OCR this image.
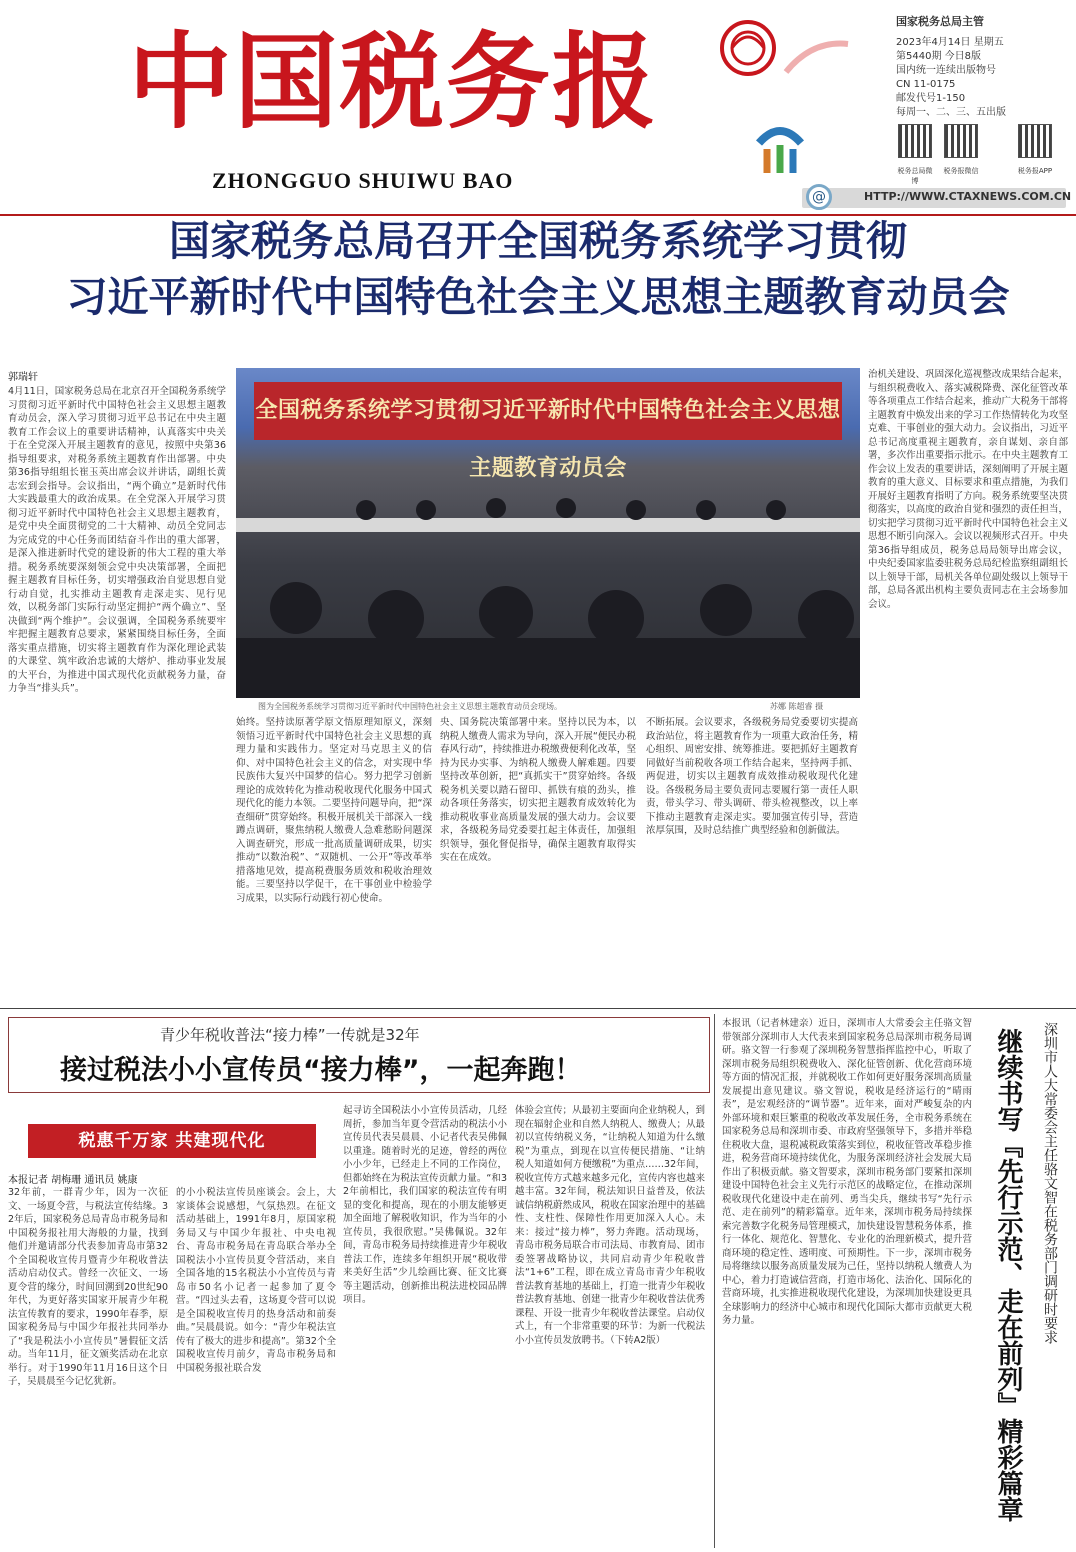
中国税务报
ZHONGGUO SHUIWU BAO
国家税务总局主管
2023年4月14日 星期五
第5440期 今日8版
国内统一连续出版物号
CN 11-0175
邮发代号1-150
每周一、二、三、五出版
税务总局微博
税务报微信	税务报APP
@	HTTP://WWW.CTAXNEWS.COM.CN
国家税务总局召开全国税务系统学习贯彻
习近平新时代中国特色社会主义思想主题教育动员会
郭瑞轩
4月11日，国家税务总局在北京召开全国税务系统学习贯彻习近平新时代中国特色社会主义思想主题教育动员会，深入学习贯彻习近平总书记在中央主题教育工作会议上的重要讲话精神，认真落实中央关于在全党深入开展主题教育的意见，按照中央第36指导组要求，对税务系统主题教育作出部署。中央第36指导组组长崔玉英出席会议并讲话，副组长黄志宏到会指导。会议指出，“两个确立”是新时代伟大实践最重大的政治成果。在全党深入开展学习贯彻习近平新时代中国特色社会主义思想主题教育，是党中央全面贯彻党的二十大精神、动员全党同志为完成党的中心任务而团结奋斗作出的重大部署，是深入推进新时代党的建设新的伟大工程的重大举措。税务系统要深刻领会党中央决策部署，全面把握主题教育目标任务，切实增强政治自觉思想自觉行动自觉，扎实推动主题教育走深走实、见行见效，以税务部门实际行动坚定拥护“两个确立”、坚决做到“两个维护”。会议强调，全国税务系统要牢牢把握主题教育总要求，紧紧围绕目标任务，全面落实重点措施，切实将主题教育作为深化理论武装的大课堂、筑牢政治忠诚的大熔炉、推动事业发展的大平台，为推进中国式现代化贡献税务力量，奋力争当“排头兵”。
全国税务系统学习贯彻习近平新时代中国特色社会主义思想主题教育动员会
图为全国税务系统学习贯彻习近平新时代中国特色社会主义思想主题教育动员会现场。	苏娜 陈超睿 摄
始终。坚持读原著学原文悟原理知原义，深刻领悟习近平新时代中国特色社会主义思想的真理力量和实践伟力。坚定对马克思主义的信仰、对中国特色社会主义的信念，对实现中华民族伟大复兴中国梦的信心。努力把学习创新理论的成效转化为推动税收现代化服务中国式现代化的能力本领。二要坚持问题导向，把“深查细研”贯穿始终。积极开展机关干部深入一线蹲点调研，聚焦纳税人缴费人急难愁盼问题深入调查研究，形成一批高质量调研成果，切实推动“以数治税”、“双随机、一公开”等改革举措落地见效，提高税费服务质效和税收治理效能。三要坚持以学促干，在干事创业中检验学习成果，以实际行动践行初心使命。
央、国务院决策部署中来。坚持以民为本，以纳税人缴费人需求为导向，深入开展“便民办税春风行动”，持续推进办税缴费便利化改革，坚持为民办实事、为纳税人缴费人解难题。四要坚持改革创新，把“真抓实干”贯穿始终。各级税务机关要以踏石留印、抓铁有痕的劲头，推动各项任务落实，切实把主题教育成效转化为推动税收事业高质量发展的强大动力。会议要求，各级税务局党委要扛起主体责任，加强组织领导，强化督促指导，确保主题教育取得实实在在成效。
不断拓展。会议要求，各级税务局党委要切实提高政治站位，将主题教育作为一项重大政治任务，精心组织、周密安排、统筹推进。要把抓好主题教育同做好当前税收各项工作结合起来，坚持两手抓、两促进，切实以主题教育成效推动税收现代化建设。各级税务局主要负责同志要履行第一责任人职责，带头学习、带头调研、带头检视整改，以上率下推动主题教育走深走实。要加强宣传引导，营造浓厚氛围，及时总结推广典型经验和创新做法。
治机关建设、巩固深化巡视整改成果结合起来，与组织税费收入、落实减税降费、深化征管改革等各项重点工作结合起来，推动广大税务干部将主题教育中焕发出来的学习工作热情转化为攻坚克难、干事创业的强大动力。会议指出，习近平总书记高度重视主题教育，亲自谋划、亲自部署，多次作出重要指示批示。在中央主题教育工作会议上发表的重要讲话，深刻阐明了开展主题教育的重大意义、目标要求和重点措施，为我们开展好主题教育指明了方向。税务系统要坚决贯彻落实，以高度的政治自觉和强烈的责任担当，切实把学习贯彻习近平新时代中国特色社会主义思想不断引向深入。会议以视频形式召开。中央第36指导组成员，税务总局局领导出席会议，中央纪委国家监委驻税务总局纪检监察组副组长以上领导干部，局机关各单位副处级以上领导干部，总局各派出机构主要负责同志在主会场参加会议。
青少年税收普法“接力棒”一传就是32年
接过税法小小宣传员“接力棒”，一起奔跑！
税惠千万家 共建现代化
本报记者 胡梅珊 通讯员 姚康
32年前，一群青少年，因为一次征文、一场夏令营，与税法宣传结缘。32年后，国家税务总局青岛市税务局和中国税务报社用大海般的力量，找到他们并邀请部分代表参加青岛市第32个全国税收宣传月暨青少年税收普法活动启动仪式。曾经一次征文、一场夏令营的缘分，时间回溯到20世纪90年代，为更好落实国家开展青少年税法宣传教育的要求，1990年春季，原国家税务局与中国少年报社共同举办了“我是税法小小宣传员”暑假征文活动。当年11月，征文颁奖活动在北京举行。对于1990年11月16日这个日子，吴晨晨至今记忆犹新。
的小小税法宣传员座谈会。会上，大家谈体会说感想，气氛热烈。在征文活动基础上，1991年8月，原国家税务局又与中国少年报社、中央电视台、青岛市税务局在青岛联合举办全国税法小小宣传员夏令营活动，来自全国各地的15名税法小小宣传员与青岛市50名小记者一起参加了夏令营。“四过头去看，这场夏令营可以说是全国税收宣传月的热身活动和前奏曲。”吴晨晨说。如今：“青少年税法宣传有了极大的进步和提高”。第32个全国税收宣传月前夕，青岛市税务局和中国税务报社联合发
起寻访全国税法小小宣传员活动，几经周折，参加当年夏令营活动的税法小小宣传员代表吴晨晨、小记者代表吴佛佩以重逢。随着时光的足迹，曾经的两位小小少年，已经走上不同的工作岗位，但都始终在为税法宣传贡献力量。“和32年前相比，我们国家的税法宣传有明显的变化和提高，现在的小朋友能够更加全面地了解税收知识，作为当年的小宣传员，我很欣慰。”吴佛佩说。32年间，青岛市税务局持续推进青少年税收普法工作，连续多年组织开展“税收带来美好生活”少儿绘画比赛、征文比赛等主题活动，创新推出税法进校园品牌项目。
体验会宣传；从最初主要面向企业纳税人，到现在辐射企业和自然人纳税人、缴费人；从最初以宣传纳税义务，“让纳税人知道为什么缴税”为重点，到现在以宣传便民措施、“让纳税人知道如何方便缴税”为重点……32年间，税收宣传方式越来越多元化，宣传内容也越来越丰富。32年间，税法知识日益普及，依法诚信纳税蔚然成风，税收在国家治理中的基础性、支柱性、保障性作用更加深入人心。未来：接过“接力棒”，努力奔跑。活动现场，青岛市税务局联合市司法局、市教育局、团市委签署战略协议，共同启动青少年税收普法“1+6”工程，即在成立青岛市青少年税收普法教育基地的基础上，打造一批青少年税收普法教育基地、创建一批青少年税收普法优秀课程、开设一批青少年税收普法课堂。启动仪式上，有一个非常重要的环节：为新一代税法小小宣传员发放聘书。（下转A2版）
本报讯（记者林建亲）近日，深圳市人大常委会主任骆文智带领部分深圳市人大代表来到国家税务总局深圳市税务局调研。骆文智一行参观了深圳税务智慧指挥监控中心，听取了深圳市税务局组织税费收入、深化征管创新、优化营商环境等方面的情况汇报，并就税收工作如何更好服务深圳高质量发展提出意见建议。骆文智说，税收是经济运行的“晴雨表”，是宏观经济的“调节器”。近年来，面对严峻复杂的内外部环境和艰巨繁重的税收改革发展任务，全市税务系统在国家税务总局和深圳市委、市政府坚强领导下，多措并举稳住税收大盘，退税减税政策落实到位，税收征管改革稳步推进，税务营商环境持续优化，为服务深圳经济社会发展大局作出了积极贡献。骆文智要求，深圳市税务部门要紧扣深圳建设中国特色社会主义先行示范区的战略定位，在推动深圳税收现代化建设中走在前列、勇当尖兵，继续书写“先行示范、走在前列”的精彩篇章。近年来，深圳市税务局持续探索完善数字化税务局管理模式，加快建设智慧税务体系，推行一体化、规范化、智慧化、专业化的治理新模式，提升营商环境的稳定性、透明度、可预期性。下一步，深圳市税务局将继续以服务高质量发展为己任，坚持以纳税人缴费人为中心，着力打造诚信营商，打造市场化、法治化、国际化的营商环境，扎实推进税收现代化建设，为深圳加快建设更具全球影响力的经济中心城市和现代化国际大都市贡献更大税务力量。	深圳市人大常委会主任骆文智在税务部门调研时要求
继续书写『先行示范、走在前列』精彩篇章
